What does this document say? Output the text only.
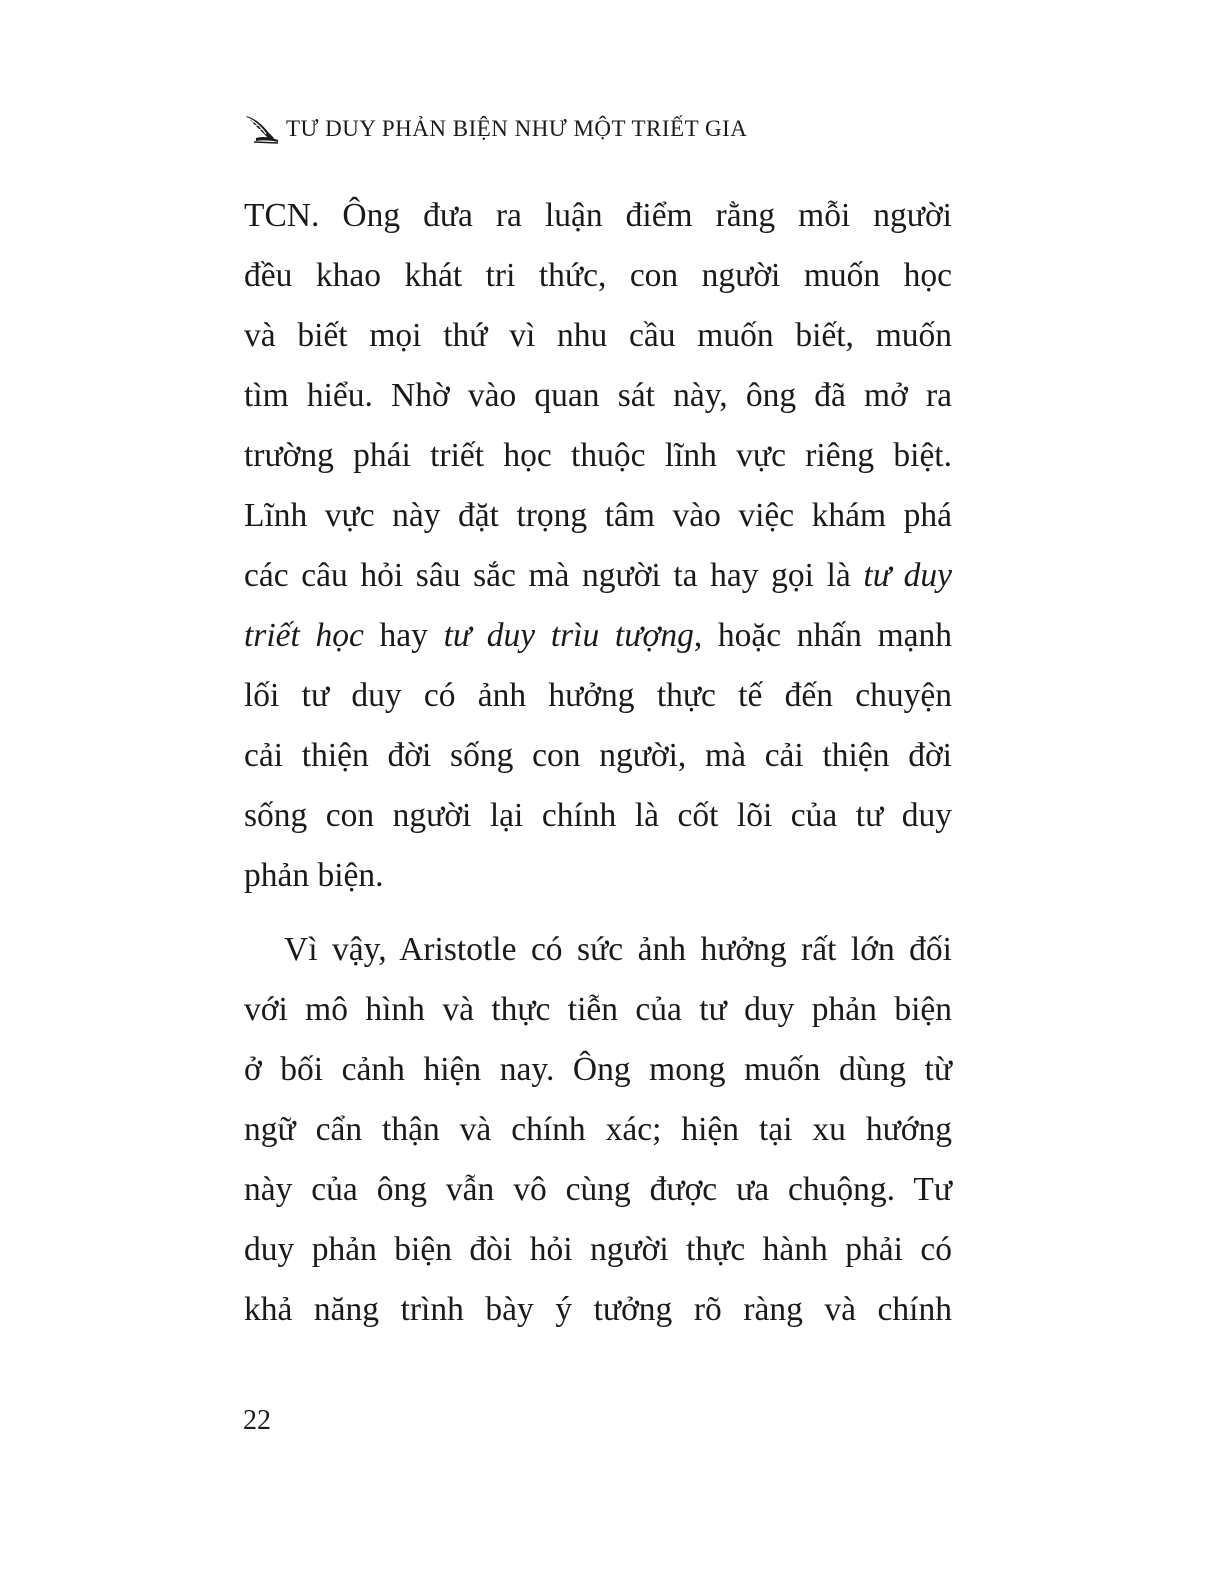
TƯ DUY PHẢN BIỆN NHƯ MỘT TRIẾT GIA
TCN. Ông đưa ra luận điểm rằng mỗi người
đều khao khát tri thức, con người muốn học
và biết mọi thứ vì nhu cầu muốn biết, muốn
tìm hiểu. Nhờ vào quan sát này, ông đã mở ra
trường phái triết học thuộc lĩnh vực riêng biệt.
Lĩnh vực này đặt trọng tâm vào việc khám phá
các câu hỏi sâu sắc mà người ta hay gọi là tư duy
triết học hay tư duy trìu tượng, hoặc nhấn mạnh
lối tư duy có ảnh hưởng thực tế đến chuyện
cải thiện đời sống con người, mà cải thiện đời
sống con người lại chính là cốt lõi của tư duy
phản biện.
Vì vậy, Aristotle có sức ảnh hưởng rất lớn đối
với mô hình và thực tiễn của tư duy phản biện
ở bối cảnh hiện nay. Ông mong muốn dùng từ
ngữ cẩn thận và chính xác; hiện tại xu hướng
này của ông vẫn vô cùng được ưa chuộng. Tư
duy phản biện đòi hỏi người thực hành phải có
khả năng trình bày ý tưởng rõ ràng và chính
22
